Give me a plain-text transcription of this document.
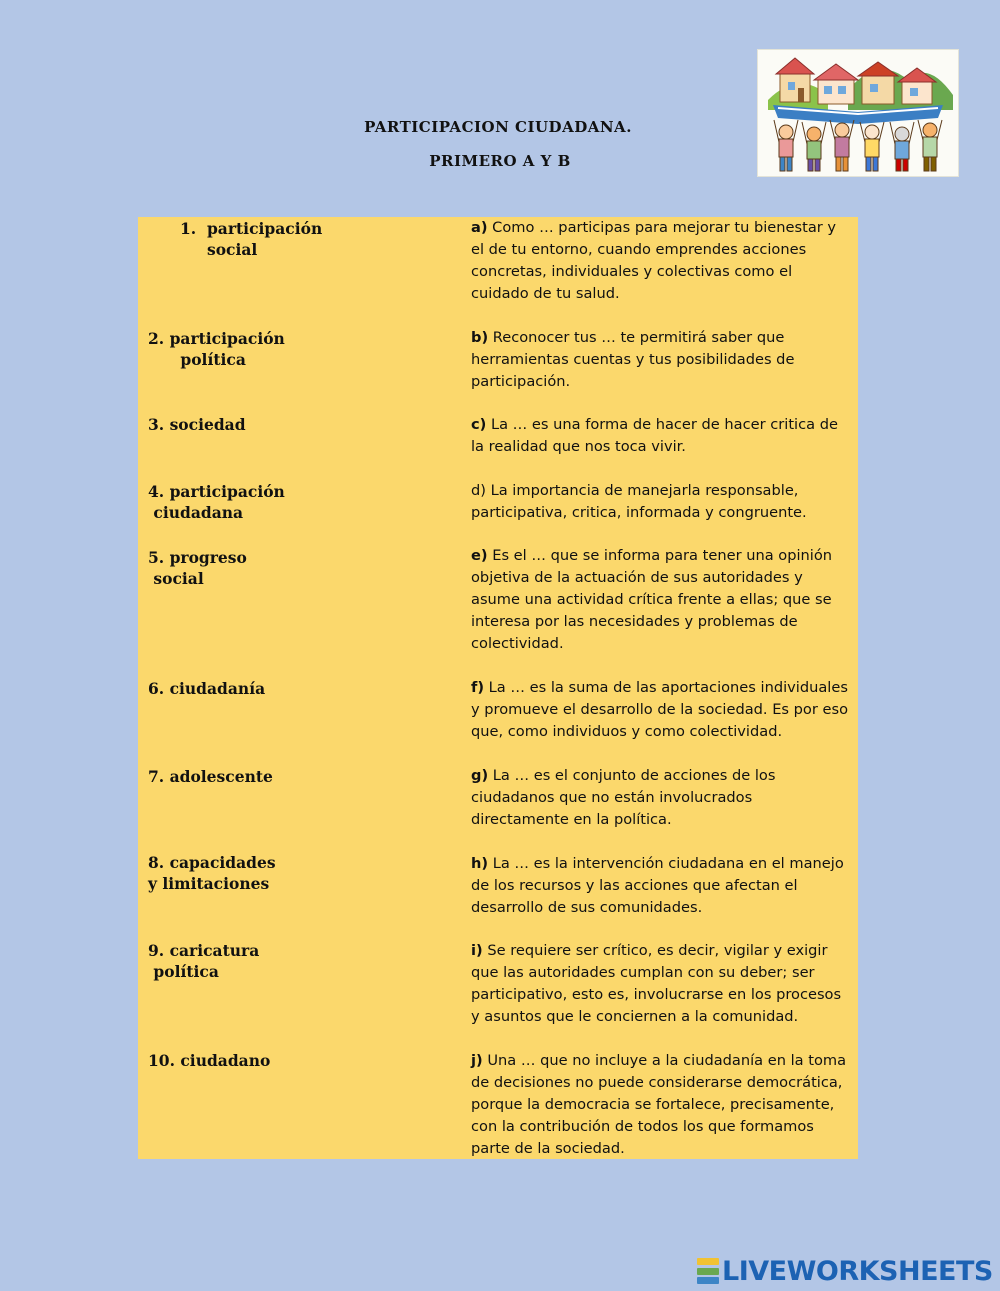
PARTICIPACION CIUDADANA.
PRIMERO A Y B
1.  participación
social
2. participación
política
3. sociedad
4. participación
ciudadana
5. progreso
social
6. ciudadanía
7. adolescente
8. capacidades
y limitaciones
9. caricatura
política
10. ciudadano
a) Como … participas para mejorar tu bienestar y el de tu entorno, cuando emprendes acciones concretas, individuales y colectivas como el cuidado de tu salud.
b) Reconocer tus … te permitirá saber que herramientas cuentas y tus posibilidades de participación.
c) La … es una forma de hacer de hacer critica de la realidad que nos toca vivir.
d) La importancia de manejarla responsable, participativa, critica, informada y congruente.
e) Es el … que se informa para tener una opinión objetiva de la actuación de sus autoridades y asume una actividad crítica frente a ellas; que se interesa por las necesidades y problemas de colectividad.
f) La … es la suma de las aportaciones individuales y promueve el desarrollo de la sociedad. Es por eso que, como individuos y como colectividad.
g) La … es el conjunto de acciones de los ciudadanos que no están involucrados directamente en la política.
h) La … es la intervención ciudadana en el manejo de los recursos y las acciones que afectan el desarrollo de sus comunidades.
i) Se requiere ser crítico, es decir, vigilar y exigir que las autoridades cumplan con su deber; ser participativo, esto es, involucrarse en los procesos y asuntos que le conciernen a la comunidad.
j) Una … que no incluye a la ciudadanía en la toma de decisiones no puede considerarse democrática, porque la democracia se fortalece, precisamente, con la contribución de todos los que formamos parte de la sociedad.
LIVEWORKSHEETS
